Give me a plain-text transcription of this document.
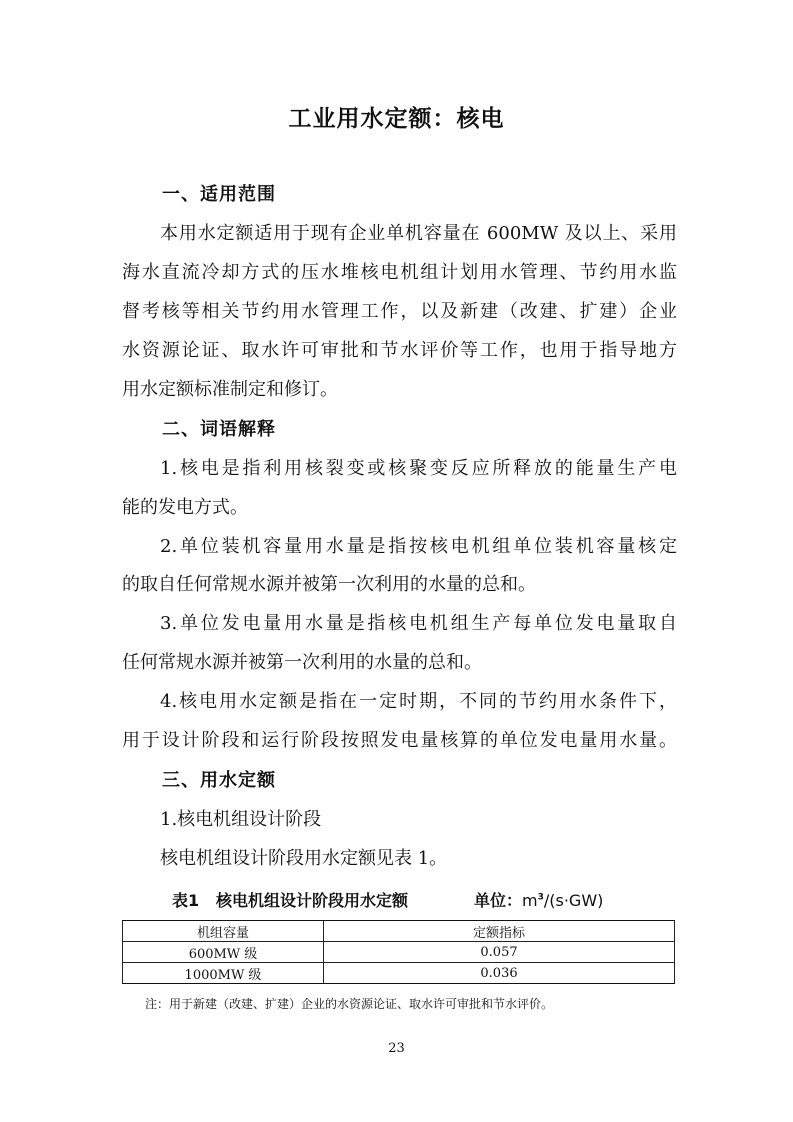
工业用水定额：核电
一、适用范围
本用水定额适用于现有企业单机容量在 600MW 及以上、采用
海水直流冷却方式的压水堆核电机组计划用水管理、节约用水监
督考核等相关节约用水管理工作，以及新建（改建、扩建）企业
水资源论证、取水许可审批和节水评价等工作，也用于指导地方
用水定额标准制定和修订。
二、词语解释
1.核电是指利用核裂变或核聚变反应所释放的能量生产电
能的发电方式。
2.单位装机容量用水量是指按核电机组单位装机容量核定
的取自任何常规水源并被第一次利用的水量的总和。
3.单位发电量用水量是指核电机组生产每单位发电量取自
任何常规水源并被第一次利用的水量的总和。
4.核电用水定额是指在一定时期，不同的节约用水条件下，
用于设计阶段和运行阶段按照发电量核算的单位发电量用水量。
三、用水定额
1.核电机组设计阶段
核电机组设计阶段用水定额见表 1。
表1 核电机组设计阶段用水定额	单位：$m^3/(s\cdot GW)$
机组容量	定额指标
600MW 级	0.057
1000MW 级	0.036
注：用于新建（改建、扩建）企业的水资源论证、取水许可审批和节水评价。
23
